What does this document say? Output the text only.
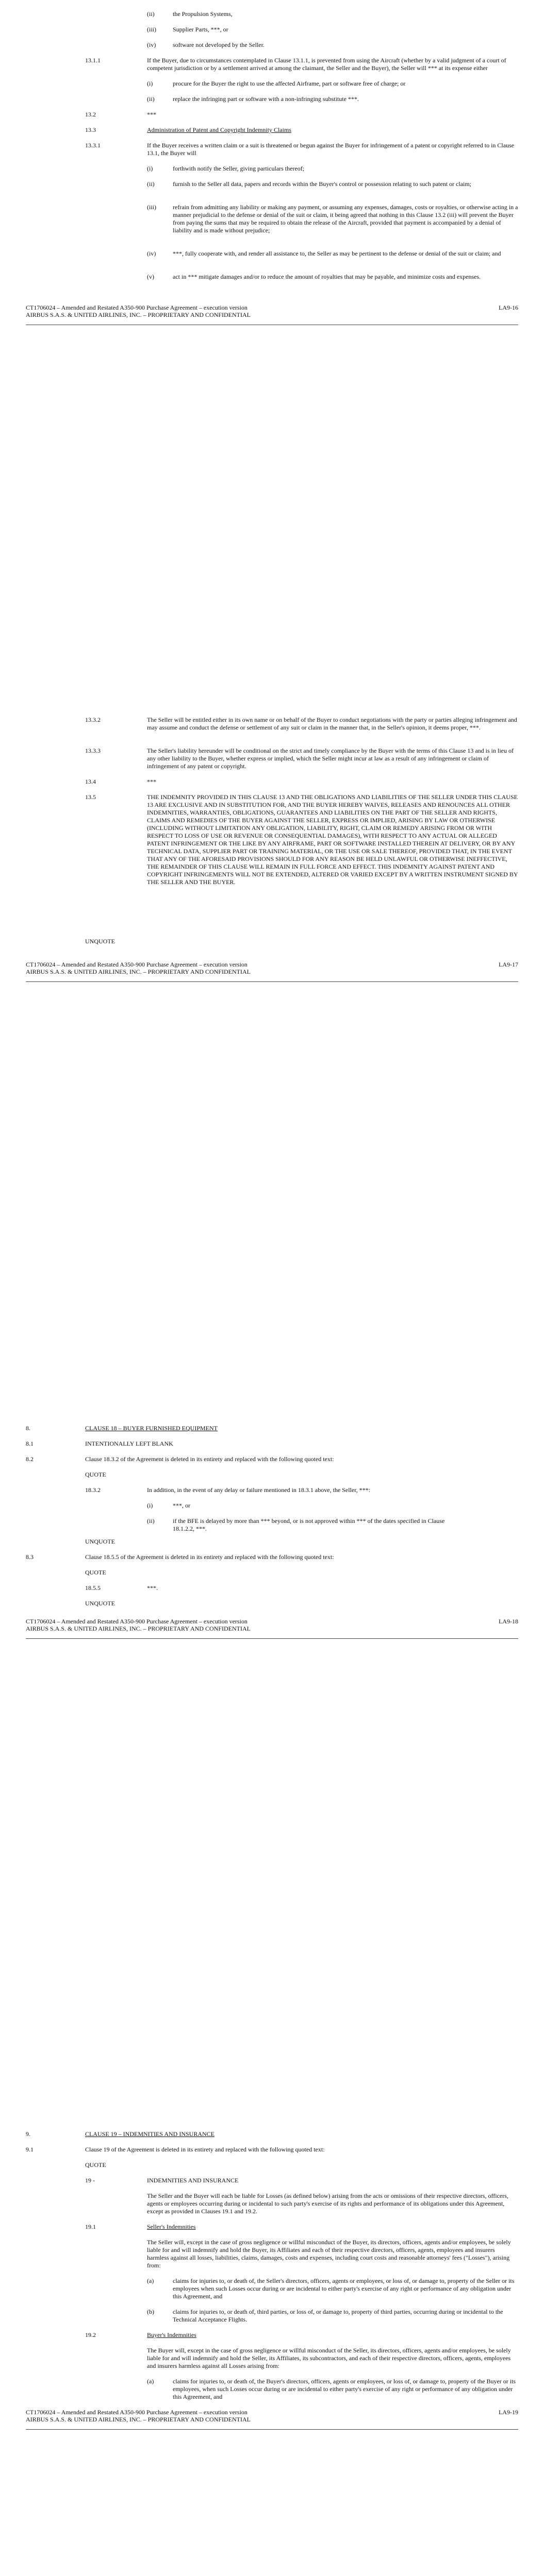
(ii)	the Propulsion Systems,
(iii)	Supplier Parts, ***, or
(iv)	software not developed by the Seller.
13.1.1	If the Buyer, due to circumstances contemplated in Clause 13.1.1, is prevented from using the Aircraft (whether by a valid judgment of a court of competent jurisdiction or by a settlement arrived at among the claimant, the Seller and the Buyer), the Seller will *** at its expense either
(i)	procure for the Buyer the right to use the affected Airframe, part or software free of charge; or
(ii)	replace the infringing part or software with a non-infringing substitute ***.
13.2	***
13.3	Administration of Patent and Copyright Indemnity Claims
13.3.1	If the Buyer receives a written claim or a suit is threatened or begun against the Buyer for infringement of a patent or copyright referred to in Clause 13.1, the Buyer will
(i)	forthwith notify the Seller, giving particulars thereof;
(ii)	furnish to the Seller all data, papers and records within the Buyer's control or possession relating to such patent or claim;
(iii)	refrain from admitting any liability or making any payment, or assuming any expenses, damages, costs or royalties, or otherwise acting in a manner prejudicial to the defense or denial of the suit or claim, it being agreed that nothing in this Clause 13.2 (iii) will prevent the Buyer from paying the sums that may be required to obtain the release of the Aircraft, provided that payment is accompanied by a denial of liability and is made without prejudice;
(iv)	***, fully cooperate with, and render all assistance to, the Seller as may be pertinent to the defense or denial of the suit or claim; and
(v)	act in *** mitigate damages and/or to reduce the amount of royalties that may be payable, and minimize costs and expenses.
CT1706024 – Amended and Restated A350-900 Purchase Agreement – execution version
AIRBUS S.A.S. & UNITED AIRLINES, INC. – PROPRIETARY AND CONFIDENTIAL
LA9-16
13.3.2	The Seller will be entitled either in its own name or on behalf of the Buyer to conduct negotiations with the party or parties alleging infringement and may assume and conduct the defense or settlement of any suit or claim in the manner that, in the Seller's opinion, it deems proper, ***.
13.3.3	The Seller's liability hereunder will be conditional on the strict and timely compliance by the Buyer with the terms of this Clause 13 and is in lieu of any other liability to the Buyer, whether express or implied, which the Seller might incur at law as a result of any infringement or claim of infringement of any patent or copyright.
13.4	***
13.5	THE INDEMNITY PROVIDED IN THIS CLAUSE 13 AND THE OBLIGATIONS AND LIABILITIES OF THE SELLER UNDER THIS CLAUSE 13 ARE EXCLUSIVE AND IN SUBSTITUTION FOR, AND THE BUYER HEREBY WAIVES, RELEASES AND RENOUNCES ALL OTHER INDEMNITIES, WARRANTIES, OBLIGATIONS, GUARANTEES AND LIABILITIES ON THE PART OF THE SELLER AND RIGHTS, CLAIMS AND REMEDIES OF THE BUYER AGAINST THE SELLER, EXPRESS OR IMPLIED, ARISING BY LAW OR OTHERWISE (INCLUDING WITHOUT LIMITATION ANY OBLIGATION, LIABILITY, RIGHT, CLAIM OR REMEDY ARISING FROM OR WITH RESPECT TO LOSS OF USE OR REVENUE OR CONSEQUENTIAL DAMAGES), WITH RESPECT TO ANY ACTUAL OR ALLEGED PATENT INFRINGEMENT OR THE LIKE BY ANY AIRFRAME, PART OR SOFTWARE INSTALLED THEREIN AT DELIVERY, OR BY ANY TECHNICAL DATA, SUPPLIER PART OR TRAINING MATERIAL, OR THE USE OR SALE THEREOF, PROVIDED THAT, IN THE EVENT THAT ANY OF THE AFORESAID PROVISIONS SHOULD FOR ANY REASON BE HELD UNLAWFUL OR OTHERWISE INEFFECTIVE, THE REMAINDER OF THIS CLAUSE WILL REMAIN IN FULL FORCE AND EFFECT. THIS INDEMNITY AGAINST PATENT AND COPYRIGHT INFRINGEMENTS WILL NOT BE EXTENDED, ALTERED OR VARIED EXCEPT BY A WRITTEN INSTRUMENT SIGNED BY THE SELLER AND THE BUYER.
UNQUOTE
CT1706024 – Amended and Restated A350-900 Purchase Agreement – execution version
AIRBUS S.A.S. & UNITED AIRLINES, INC. – PROPRIETARY AND CONFIDENTIAL
LA9-17
8.	CLAUSE 18 – BUYER FURNISHED EQUIPMENT
8.1	INTENTIONALLY LEFT BLANK
8.2	Clause 18.3.2 of the Agreement is deleted in its entirety and replaced with the following quoted text:
QUOTE
18.3.2	In addition, in the event of any delay or failure mentioned in 18.3.1 above, the Seller, ***:
(i)	***, or
(ii)	if the BFE is delayed by more than *** beyond, or is not approved within *** of the dates specified in Clause 18.1.2.2, ***.
UNQUOTE
8.3	Clause 18.5.5 of the Agreement is deleted in its entirety and replaced with the following quoted text:
QUOTE
18.5.5	***.
UNQUOTE
CT1706024 – Amended and Restated A350-900 Purchase Agreement – execution version
AIRBUS S.A.S. & UNITED AIRLINES, INC. – PROPRIETARY AND CONFIDENTIAL
LA9-18
9.	CLAUSE 19 – INDEMNITIES AND INSURANCE
9.1	Clause 19 of the Agreement is deleted in its entirety and replaced with the following quoted text:
QUOTE
19 -	INDEMNITIES AND INSURANCE
The Seller and the Buyer will each be liable for Losses (as defined below) arising from the acts or omissions of their respective directors, officers, agents or employees occurring during or incidental to such party's exercise of its rights and performance of its obligations under this Agreement, except as provided in Clauses 19.1 and 19.2.
19.1	Seller's Indemnities
The Seller will, except in the case of gross negligence or willful misconduct of the Buyer, its directors, officers, agents and/or employees, be solely liable for and will indemnify and hold the Buyer, its Affiliates and each of their respective directors, officers, agents, employees and insurers harmless against all losses, liabilities, claims, damages, costs and expenses, including court costs and reasonable attorneys' fees ("Losses"), arising from:
(a)	claims for injuries to, or death of, the Seller's directors, officers, agents or employees, or loss of, or damage to, property of the Seller or its employees when such Losses occur during or are incidental to either party's exercise of any right or performance of any obligation under this Agreement, and
(b)	claims for injuries to, or death of, third parties, or loss of, or damage to, property of third parties, occurring during or incidental to the Technical Acceptance Flights.
19.2	Buyer's Indemnities
The Buyer will, except in the case of gross negligence or willful misconduct of the Seller, its directors, officers, agents and/or employees, be solely liable for and will indemnify and hold the Seller, its Affiliates, its subcontractors, and each of their respective directors, officers, agents, employees and insurers harmless against all Losses arising from:
(a)	claims for injuries to, or death of, the Buyer's directors, officers, agents or employees, or loss of, or damage to, property of the Buyer or its employees, when such Losses occur during or are incidental to either party's exercise of any right or performance of any obligation under this Agreement, and
CT1706024 – Amended and Restated A350-900 Purchase Agreement – execution version
AIRBUS S.A.S. & UNITED AIRLINES, INC. – PROPRIETARY AND CONFIDENTIAL
LA9-19
